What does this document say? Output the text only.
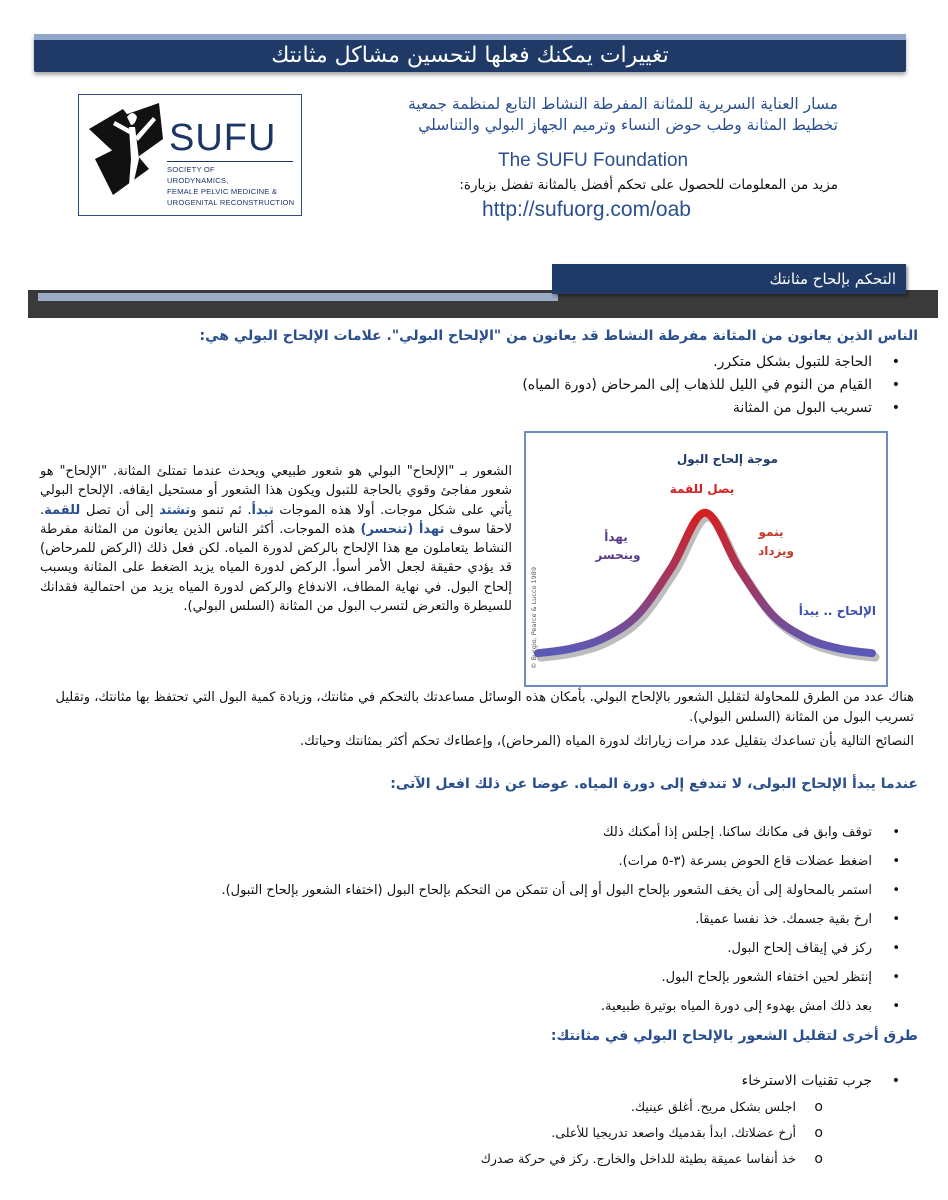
تغييرات يمكنك فعلها لتحسين مشاكل مثانتك
SUFU
SOCIETY OF
URODYNAMICS,
FEMALE PELVIC MEDICINE &
UROGENITAL RECONSTRUCTION
مسار العناية السريرية للمثانة المفرطة النشاط التابع لمنظمة جمعية
تخطيط المثانة وطب حوض النساء وترميم الجهاز البولي والتناسلي
The SUFU Foundation
مزيد من المعلومات للحصول على تحكم أفضل بالمثانة تفضل بزيارة:
http://sufuorg.com/oab
التحكم بإلحاح مثانتك
الناس الذين يعانون من المثانة مفرطة النشاط قد يعانون من "الإلحاح البولي". علامات الإلحاح البولي هي:
• الحاجة للتبول بشكل متكرر.
• القيام من النوم في الليل للذهاب إلى المرحاض (دورة المياه)
• تسريب البول من المثانة
موجة إلحاح البول
يصل للقمة
ينمو
ويزداد
يهدأ
وينحسر
الإلحاح .. يبدأ
© Burgio, Pearce & Lucco 1989
الشعور بـ "الإلحاح" البولي هو شعور طبيعي ويحدث عندما تمتلئ المثانة. "الإلحاح" هو شعور مفاجئ وقوي بالحاجة للتبول ويكون هذا الشعور أو مستحيل ايقافه. الإلحاح البولي يأتي على شكل موجات. أولا هذه الموجات تبدأ. ثم تنمو وتشتد إلى أن تصل للقمة. لاحقا سوف تهدأ (تنحسر) هذه الموجات. أكثر الناس الذين يعانون من المثانة مفرطة النشاط يتعاملون مع هذا الإلحاح بالركض لدورة المياه. لكن فعل ذلك (الركض للمرحاض) قد يؤدي حقيقة لجعل الأمر أسوأ. الركض لدورة المياه يزيد الضغط على المثانة ويسبب إلحاح البول. في نهاية المطاف، الاندفاع والركض لدورة المياه يزيد من احتمالية فقدانك للسيطرة والتعرض لتسرب البول من المثانة (السلس البولي).
هناك عدد من الطرق للمحاولة لتقليل الشعور بالإلحاح البولي. بأمكان هذه الوسائل مساعدتك بالتحكم في مثانتك، وزيادة كمية البول التي تحتفظ بها مثانتك، وتقليل تسريب البول من المثانة (السلس البولي).
النصائح التالية بأن تساعدك بتقليل عدد مرات زياراتك لدورة المياه (المرحاض)، وإعطاءك تحكم أكثر بمثانتك وحياتك.
عندما يبدأ الإلحاح البولى، لا تندفع إلى دورة المياه. عوضا عن ذلك افعل الآتى:
• توقف وابق فى مكانك ساكنا. إجلس إذا أمكنك ذلك
• اضغط عضلات قاع الحوض بسرعة (٣-٥ مرات).
• استمر بالمحاولة إلى أن يخف الشعور بإلحاح البول أو إلى أن تتمكن من التحكم بإلحاح البول (اختفاء الشعور بإلحاح التبول).
• ارخ بقية جسمك. خذ نفسا عميقا.
• ركز في إيقاف إلحاح البول.
• إنتظر لحين اختفاء الشعور بإلحاح البول.
• بعد ذلك امش بهدوء إلى دورة المياه بوتيرة طبيعية.
طرق أخرى لتقليل الشعور بالإلحاح البولي في مثانتك:
• جرب تقنيات الاسترخاء
o اجلس بشكل مريح. أغلق عينيك.
o أرخ عضلاتك. ابدأ بقدميك واصعد تدريجيا للأعلى.
o خذ أنفاسا عميقة بطيئة للداخل والخارج. ركز في حركة صدرك
